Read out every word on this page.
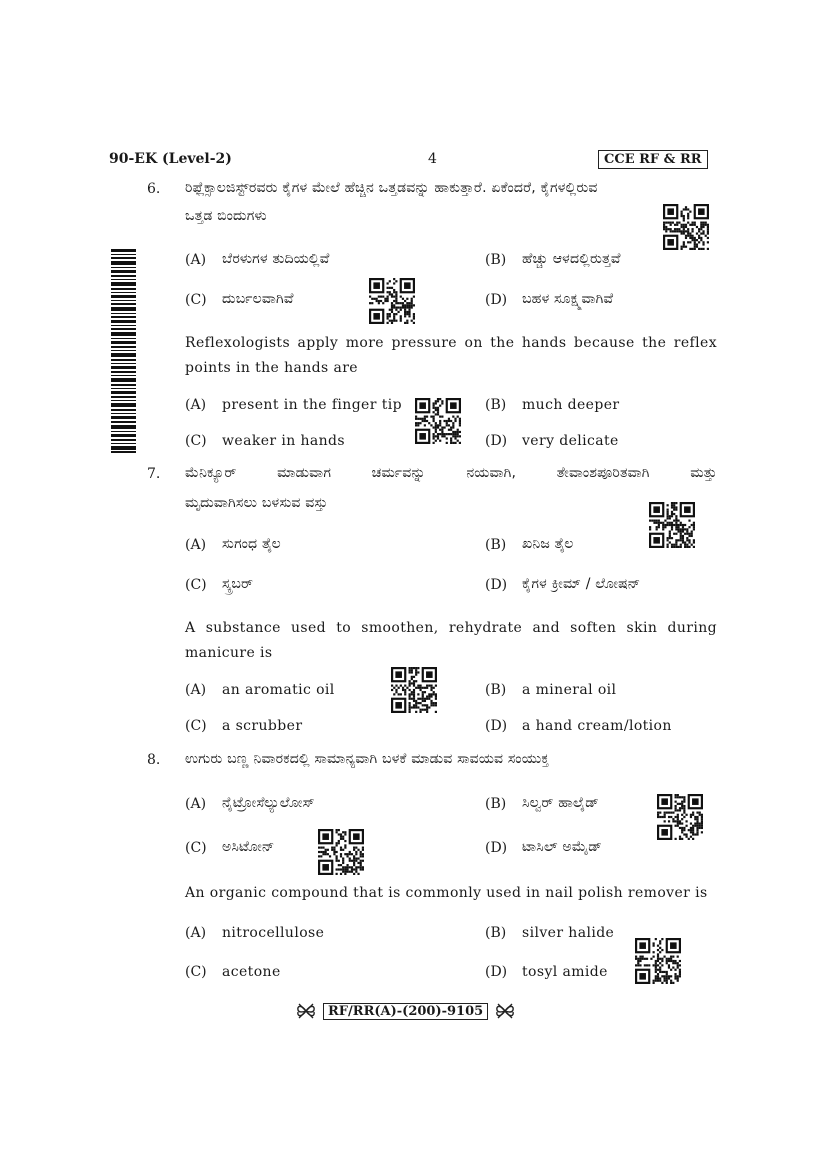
90-EK (Level-2)	4	CCE RF & RR
6. ರಿಫ್ಲೆಕ್ಸಾಲಜಿಸ್ಟ್‌ರವರು ಕೈಗಳ ಮೇಲೆ ಹೆಚ್ಚಿನ ಒತ್ತಡವನ್ನು ಹಾಕುತ್ತಾರೆ. ಏಕೆಂದರೆ, ಕೈಗಳಲ್ಲಿರುವ
ಒತ್ತಡ ಬಿಂದುಗಳು
(A) ಬೆರಳುಗಳ ತುದಿಯಲ್ಲಿವೆ	(B) ಹೆಚ್ಚು ಆಳದಲ್ಲಿರುತ್ತವೆ
(C) ದುರ್ಬಲವಾಗಿವೆ	(D) ಬಹಳ ಸೂಕ್ಷ್ಮವಾಗಿವೆ
Reflexologists apply more pressure on the hands because the reflex points in the hands are
(A) present in the finger tip	(B) much deeper
(C) weaker in hands	(D) very delicate
7. ಮೆನಿಕ್ಯೂರ್ ಮಾಡುವಾಗ ಚರ್ಮವನ್ನು ನಯವಾಗಿ, ತೇವಾಂಶಪೂರಿತವಾಗಿ ಮತ್ತು
ಮೃದುವಾಗಿಸಲು ಬಳಸುವ ವಸ್ತು
(A) ಸುಗಂಧ ತೈಲ	(B) ಖನಿಜ ತೈಲ
(C) ಸ್ಕ್ರಬರ್	(D) ಕೈಗಳ ಕ್ರೀಮ್ / ಲೋಷನ್
A substance used to smoothen, rehydrate and soften skin during manicure is
(A) an aromatic oil	(B) a mineral oil
(C) a scrubber	(D) a hand cream/lotion
8. ಉಗುರು ಬಣ್ಣ ನಿವಾರಕದಲ್ಲಿ ಸಾಮಾನ್ಯವಾಗಿ ಬಳಕೆ ಮಾಡುವ ಸಾವಯವ ಸಂಯುಕ್ತ
(A) ನೈಟ್ರೋಸೆಲ್ಯುಲೋಸ್	(B) ಸಿಲ್ವರ್ ಹಾಲೈಡ್
(C) ಅಸಿಟೋನ್	(D) ಟಾಸಿಲ್ ಅಮೈಡ್
An organic compound that is commonly used in nail polish remover is
(A) nitrocellulose	(B) silver halide
(C) acetone	(D) tosyl amide
RF/RR(A)-(200)-9105
